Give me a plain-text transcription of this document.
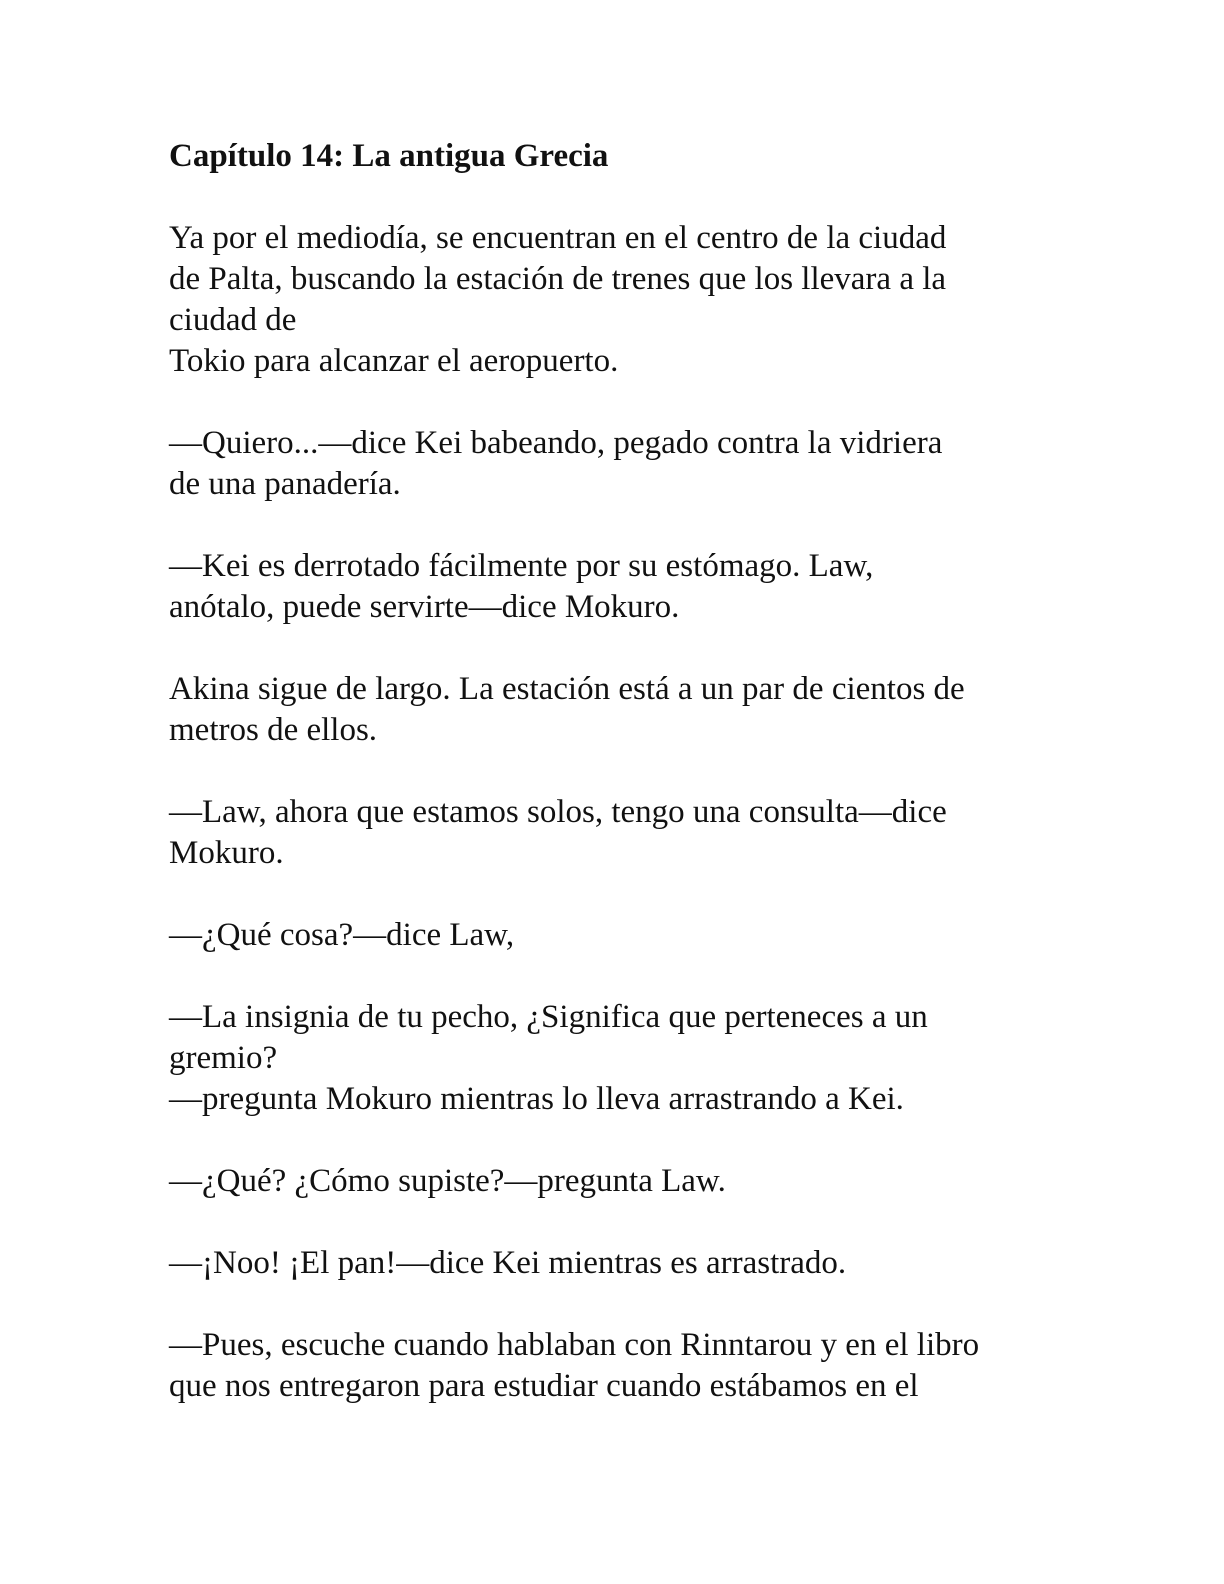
Capítulo 14: La antigua Grecia
Ya por el mediodía, se encuentran en el centro de la ciudad
de Palta, buscando la estación de trenes que los llevara a la
ciudad de
Tokio para alcanzar el aeropuerto.
—Quiero...—dice Kei babeando, pegado contra la vidriera
de una panadería.
—Kei es derrotado fácilmente por su estómago. Law,
anótalo, puede servirte—dice Mokuro.
Akina sigue de largo. La estación está a un par de cientos de
metros de ellos.
—Law, ahora que estamos solos, tengo una consulta—dice
Mokuro.
—¿Qué cosa?—dice Law,
—La insignia de tu pecho, ¿Significa que perteneces a un
gremio?
—pregunta Mokuro mientras lo lleva arrastrando a Kei.
—¿Qué? ¿Cómo supiste?—pregunta Law.
—¡Noo! ¡El pan!—dice Kei mientras es arrastrado.
—Pues, escuche cuando hablaban con Rinntarou y en el libro
que nos entregaron para estudiar cuando estábamos en el
